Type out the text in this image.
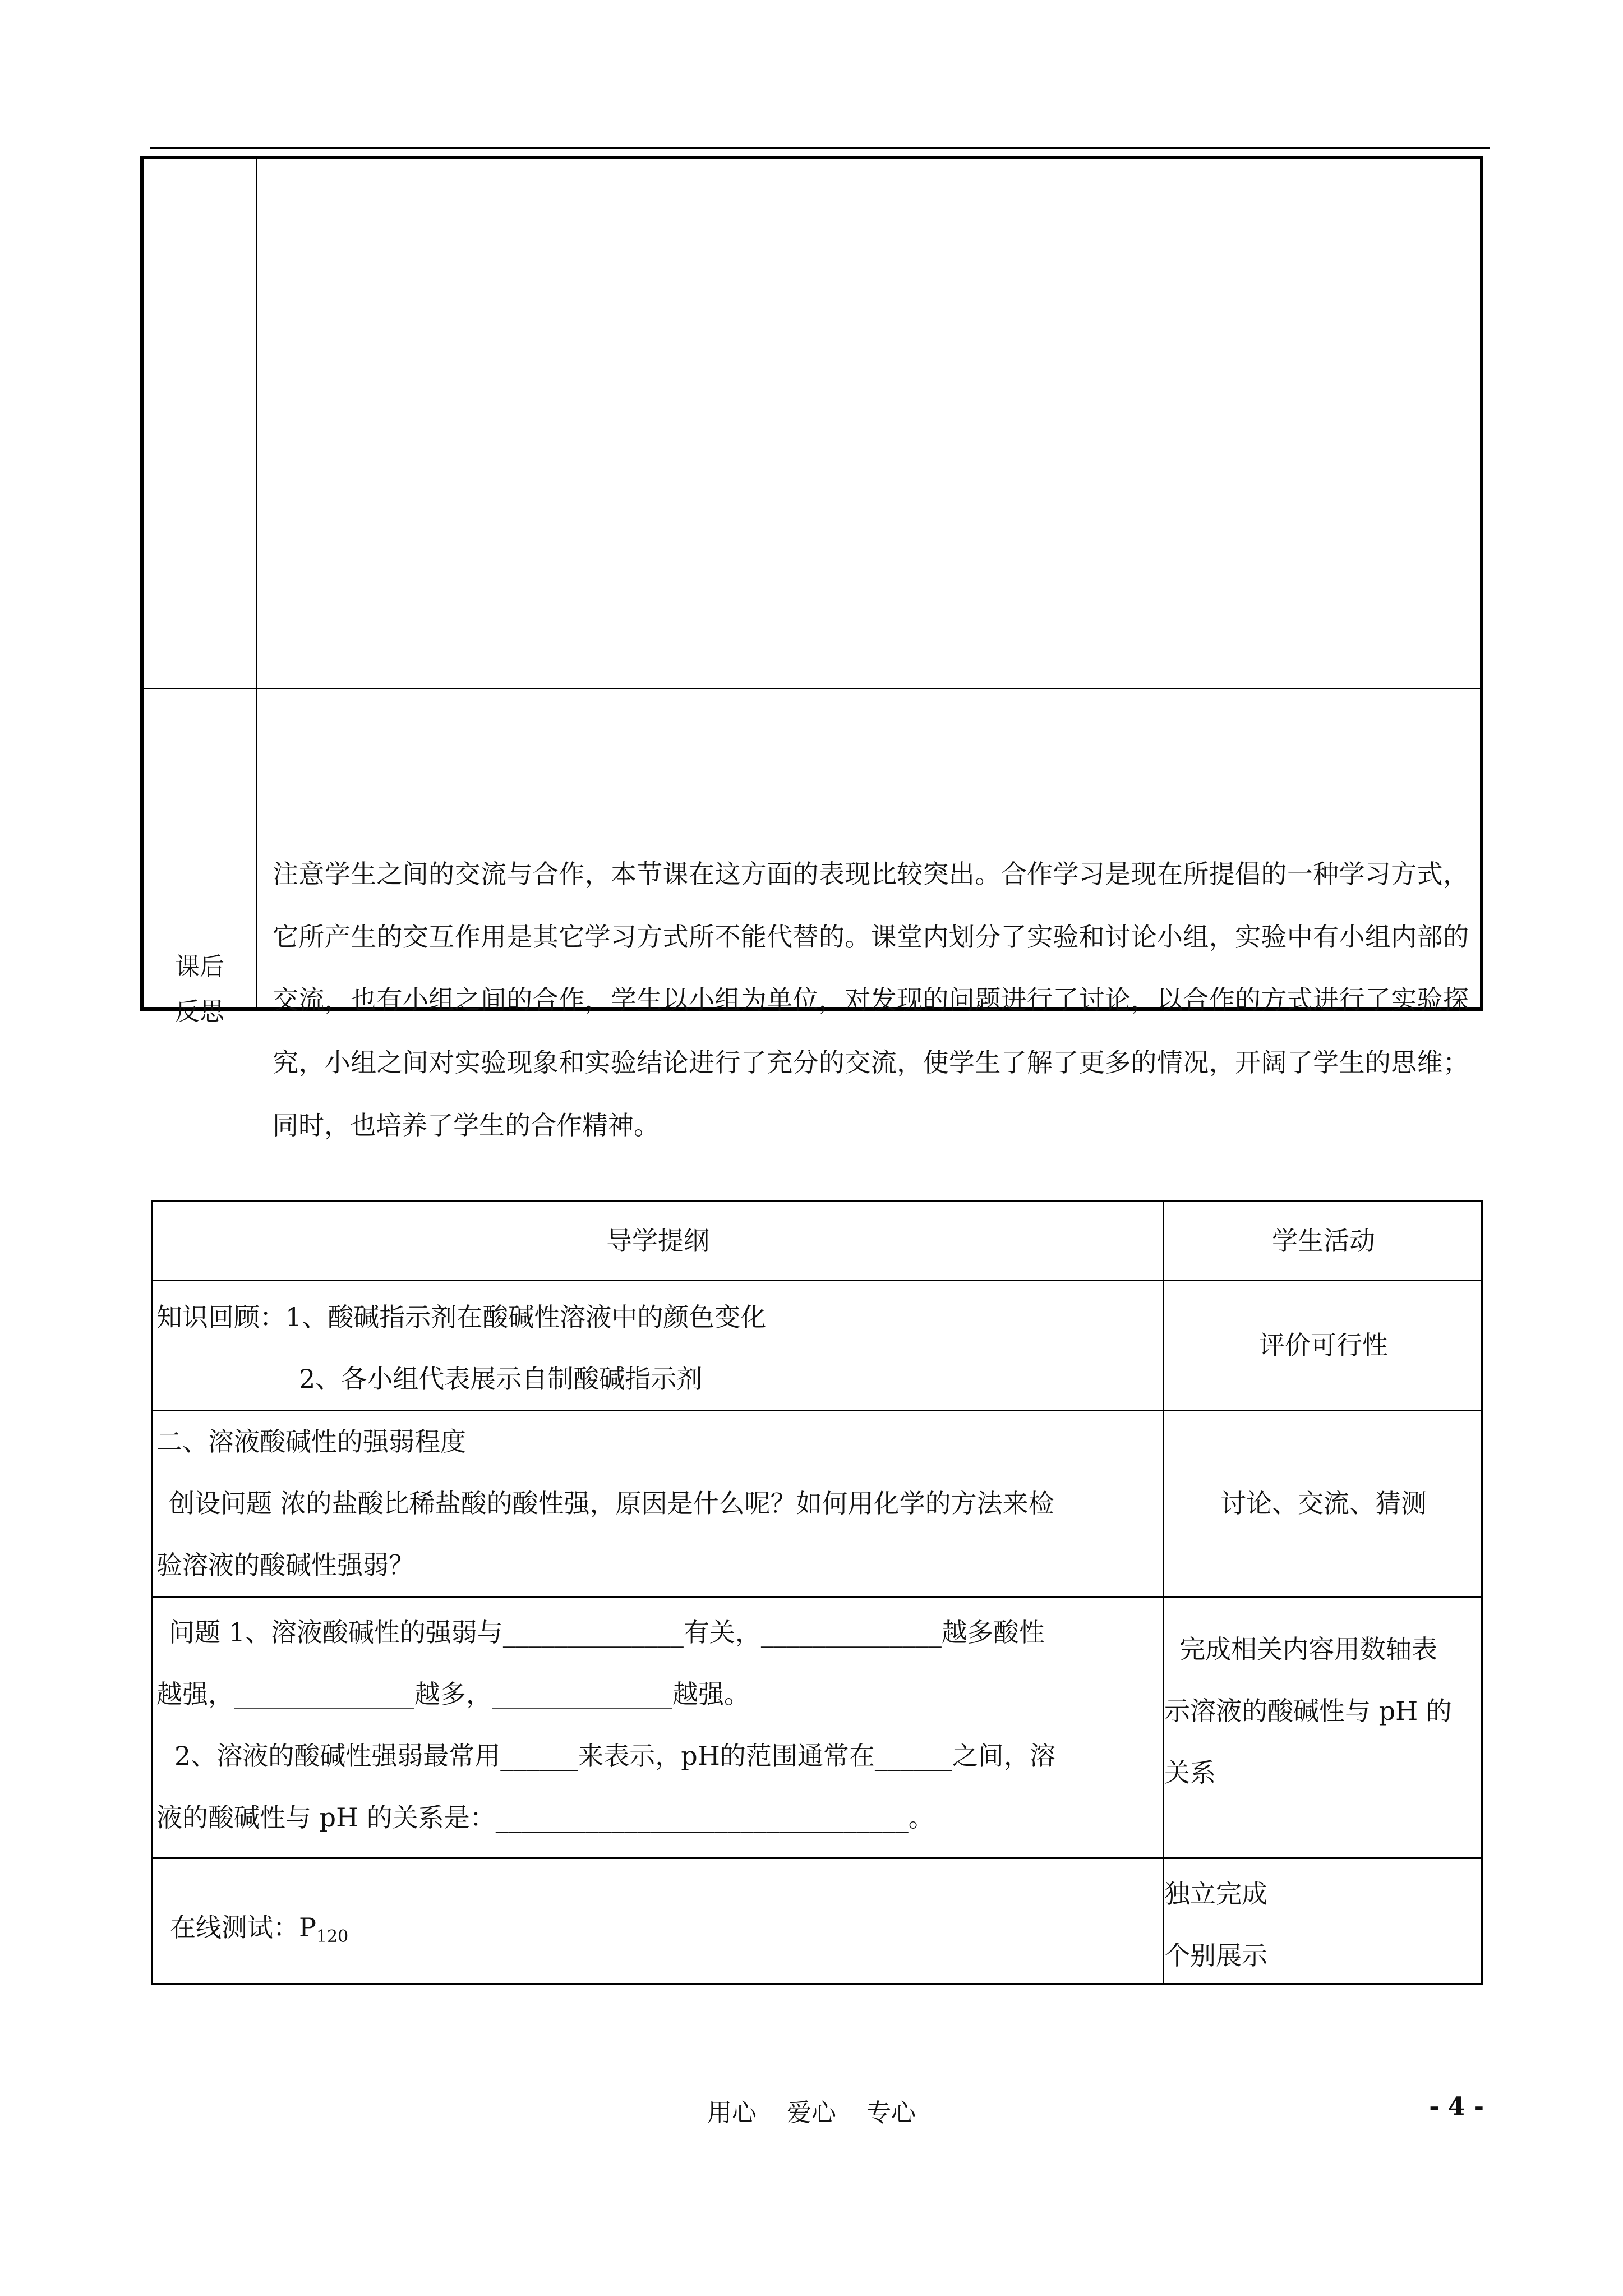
课后
反思
注意学生之间的交流与合作，本节课在这方面的表现比较突出。合作学习是现在所提倡的一种学习方式，它所产生的交互作用是其它学习方式所不能代替的。课堂内划分了实验和讨论小组，实验中有小组内部的交流，也有小组之间的合作，学生以小组为单位，对发现的问题进行了讨论，以合作的方式进行了实验探究，小组之间对实验现象和实验结论进行了充分的交流，使学生了解了更多的情况，开阔了学生的思维；同时，也培养了学生的合作精神。
导学提纲	学生活动
知识回顾：1、酸碱指示剂在酸碱性溶液中的颜色变化
2、各小组代表展示自制酸碱指示剂
评价可行性
二、溶液酸碱性的强弱程度
创设问题 浓的盐酸比稀盐酸的酸性强，原因是什么呢？如何用化学的方法来检
验溶液的酸碱性强弱？
讨论、交流、猜测
问题 1、溶液酸碱性的强弱与______________有关，______________越多酸性
越强，______________越多，______________越强。
2、溶液的酸碱性强弱最常用______来表示，pH的范围通常在______之间，溶
液的酸碱性与 pH 的关系是：________________________________。
完成相关内容用数轴表
示溶液的酸碱性与 pH 的
关系
在线测试：$P_{120}$
独立完成
个别展示
用心 爱心 专心	- 4 -
